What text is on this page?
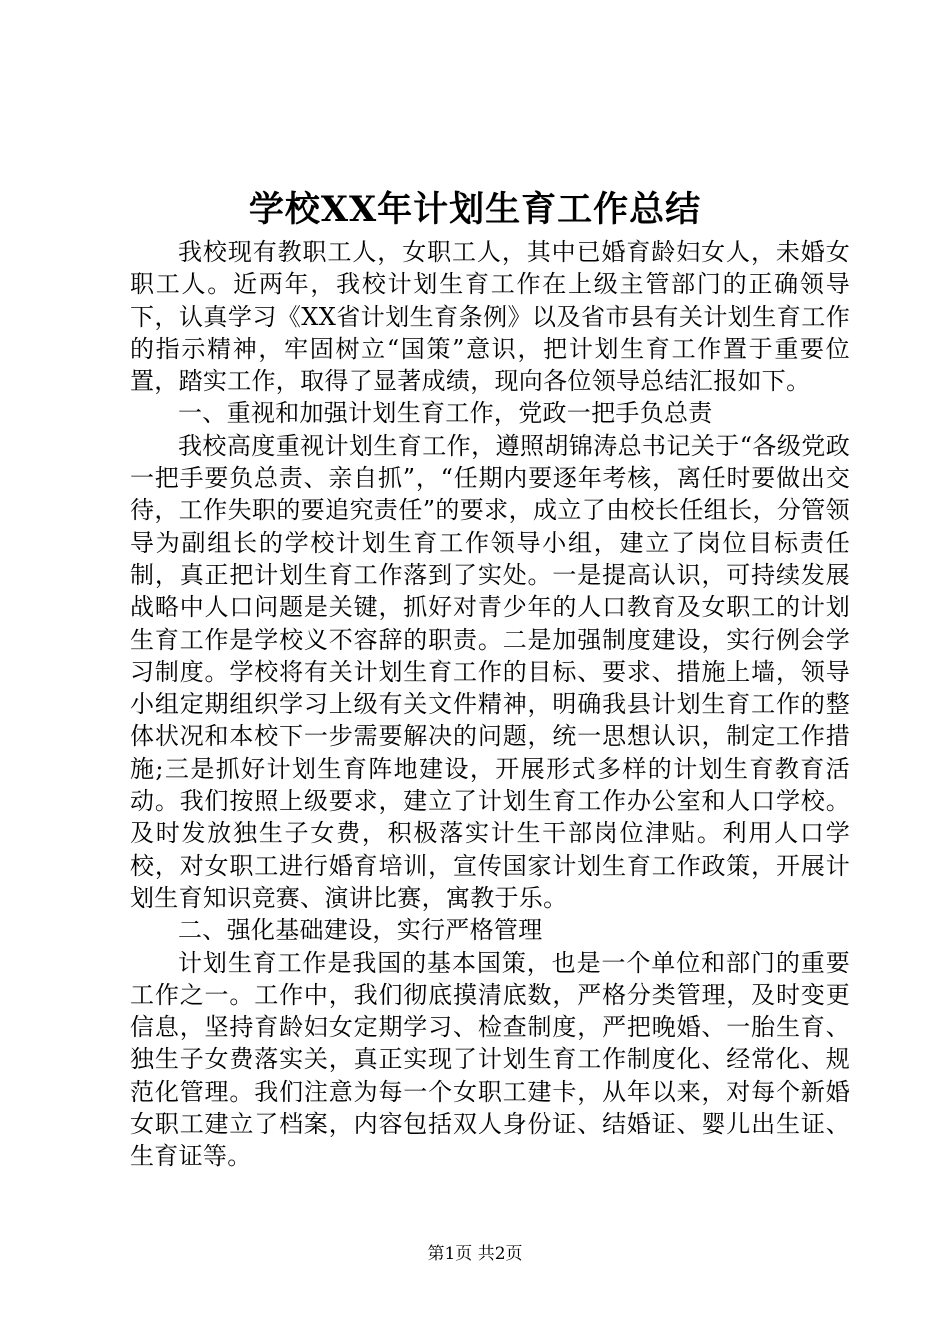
学校XX年计划生育工作总结

我校现有教职工人，女职工人，其中已婚育龄妇女人，未婚女职工人。近两年，我校计划生育工作在上级主管部门的正确领导下，认真学习《XX省计划生育条例》以及省市县有关计划生育工作的指示精神，牢固树立“国策”意识，把计划生育工作置于重要位置，踏实工作，取得了显著成绩，现向各位领导总结汇报如下。

一、重视和加强计划生育工作，党政一把手负总责

我校高度重视计划生育工作，遵照胡锦涛总书记关于“各级党政一把手要负总责、亲自抓”，“任期内要逐年考核，离任时要做出交待，工作失职的要追究责任”的要求，成立了由校长任组长，分管领导为副组长的学校计划生育工作领导小组，建立了岗位目标责任制，真正把计划生育工作落到了实处。一是提高认识，可持续发展战略中人口问题是关键，抓好对青少年的人口教育及女职工的计划生育工作是学校义不容辞的职责。二是加强制度建设，实行例会学习制度。学校将有关计划生育工作的目标、要求、措施上墙，领导小组定期组织学习上级有关文件精神，明确我县计划生育工作的整体状况和本校下一步需要解决的问题，统一思想认识，制定工作措施;三是抓好计划生育阵地建设，开展形式多样的计划生育教育活动。我们按照上级要求，建立了计划生育工作办公室和人口学校。及时发放独生子女费，积极落实计生干部岗位津贴。利用人口学校，对女职工进行婚育培训，宣传国家计划生育工作政策，开展计划生育知识竞赛、演讲比赛，寓教于乐。

二、强化基础建设，实行严格管理

计划生育工作是我国的基本国策，也是一个单位和部门的重要工作之一。工作中，我们彻底摸清底数，严格分类管理，及时变更信息，坚持育龄妇女定期学习、检查制度，严把晚婚、一胎生育、独生子女费落实关，真正实现了计划生育工作制度化、经常化、规范化管理。我们注意为每一个女职工建卡，从年以来，对每个新婚女职工建立了档案，内容包括双人身份证、结婚证、婴儿出生证、生育证等。

第1页 共2页
